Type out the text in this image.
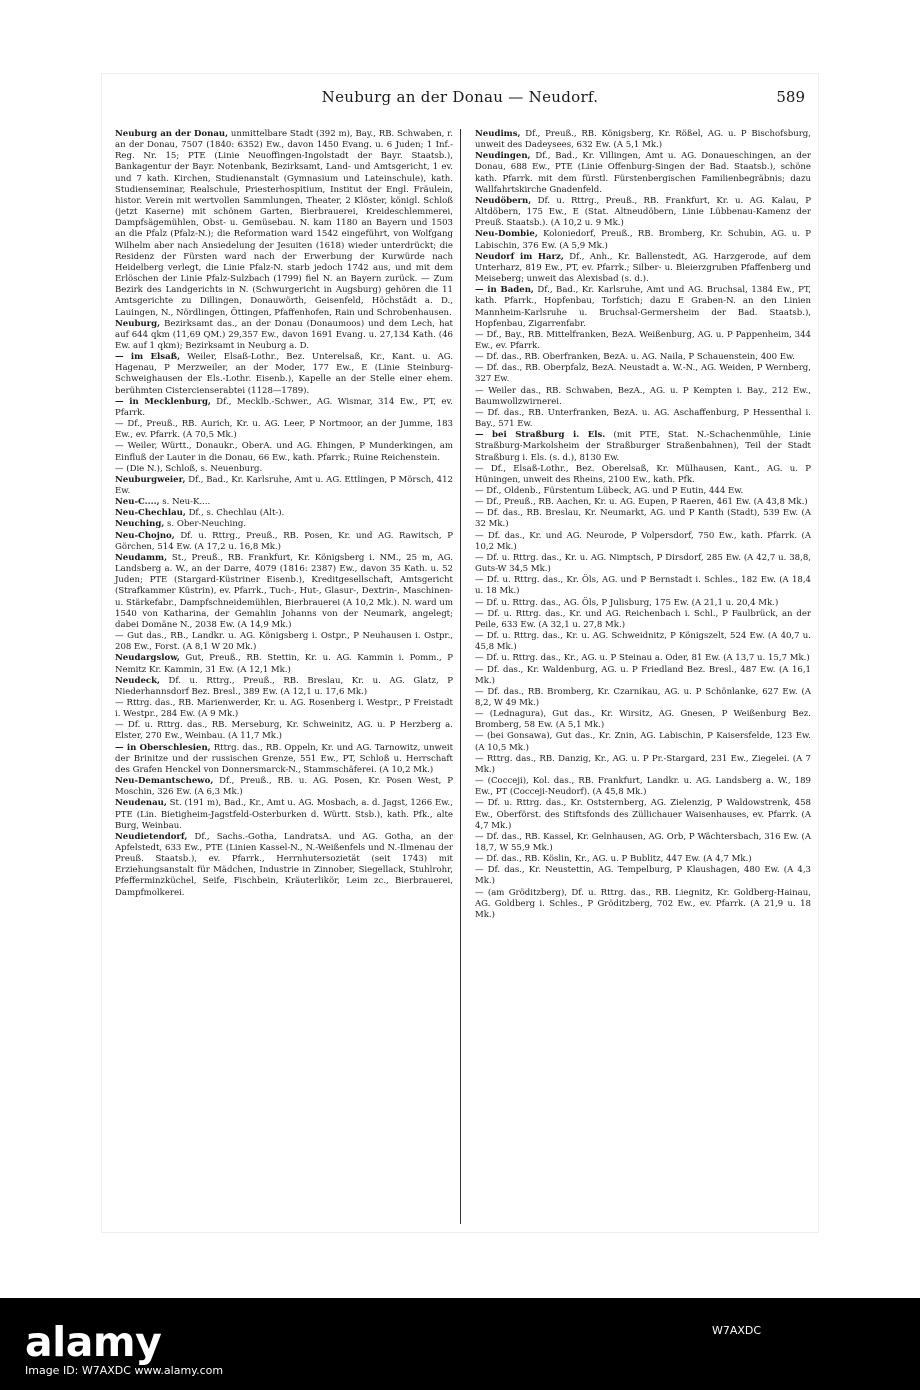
Neuburg an der Donau — Neudorf.	589

Neuburg an der Donau, unmittelbare Stadt (392 m), Bay., RB. Schwaben, r. an der Donau, 7507 (1840: 6352) Ew., davon 1450 Evang. u. 6 Juden; 1 Inf.-Reg. Nr. 15; PTE (Linie Neuoffingen-Ingolstadt der Bayr. Staatsb.), Bankagentur der Bayr. Notenbank, Bezirksamt, Land- und Amtsgericht, 1 ev. und 7 kath. Kirchen, Studienanstalt (Gymnasium und Lateinschule), kath. Studienseminar, Realschule, Priesterhospitium, Institut der Engl. Fräulein, histor. Verein mit wertvollen Sammlungen, Theater, 2 Klöster, königl. Schloß (jetzt Kaserne) mit schönem Garten, Bierbrauerei, Kreideschlemmerei, Dampfsägemühlen, Obst- u. Gemüsebau. N. kam 1180 an Bayern und 1503 an die Pfalz (Pfalz-N.); die Reformation ward 1542 eingeführt, von Wolfgang Wilhelm aber nach Ansiedelung der Jesuiten (1618) wieder unterdrückt; die Residenz der Fürsten ward nach der Erwerbung der Kurwürde nach Heidelberg verlegt, die Linie Pfalz-N. starb jedoch 1742 aus, und mit dem Erlöschen der Linie Pfalz-Sulzbach (1799) fiel N. an Bayern zurück. — Zum Bezirk des Landgerichts in N. (Schwurgericht in Augsburg) gehören die 11 Amtsgerichte zu Dillingen, Donauwörth, Geisenfeld, Höchstädt a. D., Lauingen, N., Nördlingen, Öttingen, Pfaffenhofen, Rain und Schrobenhausen.

Neuburg, Bezirksamt das., an der Donau (Donaumoos) und dem Lech, hat auf 644 qkm (11,69 QM.) 29,357 Ew., davon 1691 Evang. u. 27,134 Kath. (46 Ew. auf 1 qkm); Bezirksamt in Neuburg a. D.

— im Elsaß, Weiler, Elsaß-Lothr., Bez. Unterelsaß, Kr., Kant. u. AG. Hagenau, P Merzweiler, an der Moder, 177 Ew., E (Linie Steinburg-Schweighausen der Els.-Lothr. Eisenb.), Kapelle an der Stelle einer ehem. berühmten Cistercienserabtei (1128—1789).

— in Mecklenburg, Df., Mecklb.-Schwer., AG. Wismar, 314 Ew., PT, ev. Pfarrk.

— Df., Preuß., RB. Aurich, Kr. u. AG. Leer, P Nortmoor, an der Jumme, 183 Ew., ev. Pfarrk. (A 70,5 Mk.)

— Weiler, Württ., Donaukr., OberA. und AG. Ehingen, P Munderkingen, am Einfluß der Lauter in die Donau, 66 Ew., kath. Pfarrk.; Ruine Reichenstein.

— (Die N.), Schloß, s. Neuenburg.

Neuburgweier, Df., Bad., Kr. Karlsruhe, Amt u. AG. Ettlingen, P Mörsch, 412 Ew.

Neu-C...., s. Neu-K....

Neu-Chechlau, Df., s. Chechlau (Alt-).

Neuching, s. Ober-Neuching.

Neu-Chojno, Df. u. Rttrg., Preuß., RB. Posen, Kr. und AG. Rawitsch, P Görchen, 514 Ew. (A 17,2 u. 16,8 Mk.)

Neudamm, St., Preuß., RB. Frankfurt, Kr. Königsberg i. NM., 25 m, AG. Landsberg a. W., an der Darre, 4079 (1816: 2387) Ew., davon 35 Kath. u. 52 Juden; PTE (Stargard-Küstriner Eisenb.), Kreditgesellschaft, Amtsgericht (Strafkammer Küstrin), ev. Pfarrk., Tuch-, Hut-, Glasur-, Dextrin-, Maschinen- u. Stärkefabr., Dampfschneidemühlen, Bierbrauerei (A 10,2 Mk.). N. ward um 1540 von Katharina, der Gemahlin Johanns von der Neumark, angelegt; dabei Domäne N., 2038 Ew. (A 14,9 Mk.)

— Gut das., RB., Landkr. u. AG. Königsberg i. Ostpr., P Neuhausen i. Ostpr., 208 Ew., Forst. (A 8,1 W 20 Mk.)

Neudargslow, Gut, Preuß., RB. Stettin, Kr. u. AG. Kammin i. Pomm., P Nemitz Kr. Kammin, 31 Ew. (A 12,1 Mk.)

Neudeck, Df. u. Rttrg., Preuß., RB. Breslau, Kr. u. AG. Glatz, P Niederhannsdorf Bez. Bresl., 389 Ew. (A 12,1 u. 17,6 Mk.)

— Rttrg. das., RB. Marienwerder, Kr. u. AG. Rosenberg i. Westpr., P Freistadt i. Westpr., 284 Ew. (A 9 Mk.)

— Df. u. Rttrg. das., RB. Merseburg, Kr. Schweinitz, AG. u. P Herzberg a. Elster, 270 Ew., Weinbau. (A 11,7 Mk.)

— in Oberschlesien, Rttrg. das., RB. Oppeln, Kr. und AG. Tarnowitz, unweit der Brinitze und der russischen Grenze, 551 Ew., PT, Schloß u. Herrschaft des Grafen Henckel von Donnersmarck-N., Stammschäferei. (A 10,2 Mk.)

Neu-Demantschewo, Df., Preuß., RB. u. AG. Posen, Kr. Posen West, P Moschin, 326 Ew. (A 6,3 Mk.)

Neudenau, St. (191 m), Bad., Kr., Amt u. AG. Mosbach, a. d. Jagst, 1266 Ew., PTE (Lin. Bietigheim-Jagstfeld-Osterburken d. Württ. Stsb.), kath. Pfk., alte Burg, Weinbau.

Neudietendorf, Df., Sachs.-Gotha, LandratsA. und AG. Gotha, an der Apfelstedt, 633 Ew., PTE (Linien Kassel-N., N.-Weißenfels und N.-Ilmenau der Preuß. Staatsb.), ev. Pfarrk., Herrnhutersozietät (seit 1743) mit Erziehungsanstalt für Mädchen, Industrie in Zinnober, Siegellack, Stuhlrohr, Pfefferminzküchel, Seife, Fischbein, Kräuterlikör, Leim zc., Bierbrauerei, Dampfmolkerei.

Neudims, Df., Preuß., RB. Königsberg, Kr. Rößel, AG. u. P Bischofsburg, unweit des Dadeysees, 632 Ew. (A 5,1 Mk.)

Neudingen, Df., Bad., Kr. Villingen, Amt u. AG. Donaueschingen, an der Donau, 688 Ew., PTE (Linie Offenburg-Singen der Bad. Staatsb.), schöne kath. Pfarrk. mit dem fürstl. Fürstenbergischen Familienbegräbnis; dazu Wallfahrtskirche Gnadenfeld.

Neudöbern, Df. u. Rttrg., Preuß., RB. Frankfurt, Kr. u. AG. Kalau, P Altdöbern, 175 Ew., E (Stat. Altneudöbern, Linie Lübbenau-Kamenz der Preuß. Staatsb.). (A 10,2 u. 9 Mk.)

Neu-Dombie, Koloniedorf, Preuß., RB. Bromberg, Kr. Schubin, AG. u. P Labischin, 376 Ew. (A 5,9 Mk.)

Neudorf im Harz, Df., Anh., Kr. Ballenstedt, AG. Harzgerode, auf dem Unterharz, 819 Ew., PT, ev. Pfarrk.; Silber- u. Bleierzgruben Pfaffenberg und Meiseberg; unweit das Alexisbad (s. d.).

— in Baden, Df., Bad., Kr. Karlsruhe, Amt und AG. Bruchsal, 1384 Ew., PT, kath. Pfarrk., Hopfenbau, Torfstich; dazu E Graben-N. an den Linien Mannheim-Karlsruhe u. Bruchsal-Germersheim der Bad. Staatsb.), Hopfenbau, Zigarrenfabr.

— Df., Bay., RB. Mittelfranken, BezA. Weißenburg, AG. u. P Pappenheim, 344 Ew., ev. Pfarrk.

— Df. das., RB. Oberfranken, BezA. u. AG. Naila, P Schauenstein, 400 Ew.

— Df. das., RB. Oberpfalz, BezA. Neustadt a. W.-N., AG. Weiden, P Wernberg, 327 Ew.

— Weiler das., RB. Schwaben, BezA., AG. u. P Kempten i. Bay., 212 Ew., Baumwollzwirnerei.

— Df. das., RB. Unterfranken, BezA. u. AG. Aschaffenburg, P Hessenthal i. Bay., 571 Ew.

— bei Straßburg i. Els. (mit PTE, Stat. N.-Schachenmühle, Linie Straßburg-Markolsheim der Straßburger Straßenbahnen), Teil der Stadt Straßburg i. Els. (s. d.), 8130 Ew.

— Df., Elsaß-Lothr., Bez. Oberelsaß, Kr. Mülhausen, Kant., AG. u. P Hüningen, unweit des Rheins, 2100 Ew., kath. Pfk.

— Df., Oldenb., Fürstentum Lübeck, AG. und P Eutin, 444 Ew.

— Df., Preuß., RB. Aachen, Kr. u. AG. Eupen, P Raeren, 461 Ew. (A 43,8 Mk.)

— Df. das., RB. Breslau, Kr. Neumarkt, AG. und P Kanth (Stadt), 539 Ew. (A 32 Mk.)

— Df. das., Kr. und AG. Neurode, P Volpersdorf, 750 Ew., kath. Pfarrk. (A 10,2 Mk.)

— Df. u. Rttrg. das., Kr. u. AG. Nimptsch, P Dirsdorf, 285 Ew. (A 42,7 u. 38,8, Guts-W 34,5 Mk.)

— Df. u. Rttrg. das., Kr. Öls, AG. und P Bernstadt i. Schles., 182 Ew. (A 18,4 u. 18 Mk.)

— Df. u. Rttrg. das., AG. Öls, P Julisburg, 175 Ew. (A 21,1 u. 20,4 Mk.)

— Df. u. Rttrg. das., Kr. und AG. Reichenbach i. Schl., P Faulbrück, an der Peile, 633 Ew. (A 32,1 u. 27,8 Mk.)

— Df. u. Rttrg. das., Kr. u. AG. Schweidnitz, P Königszelt, 524 Ew. (A 40,7 u. 45,8 Mk.)

— Df. u. Rttrg. das., Kr., AG. u. P Steinau a. Oder, 81 Ew. (A 13,7 u. 15,7 Mk.)

— Df. das., Kr. Waldenburg, AG. u. P Friedland Bez. Bresl., 487 Ew. (A 16,1 Mk.)

— Df. das., RB. Bromberg, Kr. Czarnikau, AG. u. P Schönlanke, 627 Ew. (A 8,2, W 49 Mk.)

— (Lednagura), Gut das., Kr. Wirsitz, AG. Gnesen, P Weißenburg Bez. Bromberg, 58 Ew. (A 5,1 Mk.)

— (bei Gonsawa), Gut das., Kr. Znin, AG. Labischin, P Kaisersfelde, 123 Ew. (A 10,5 Mk.)

— Rttrg. das., RB. Danzig, Kr., AG. u. P Pr.-Stargard, 231 Ew., Ziegelei. (A 7 Mk.)

— (Cocceji), Kol. das., RB. Frankfurt, Landkr. u. AG. Landsberg a. W., 189 Ew., PT (Cocceji-Neudorf). (A 45,8 Mk.)

— Df. u. Rttrg. das., Kr. Oststernberg, AG. Zielenzig, P Waldowstrenk, 458 Ew., Oberförst. des Stiftsfonds des Züllichauer Waisenhauses, ev. Pfarrk. (A 4,7 Mk.)

— Df. das., RB. Kassel, Kr. Gelnhausen, AG. Orb, P Wächtersbach, 316 Ew. (A 18,7, W 55,9 Mk.)

— Df. das., RB. Köslin, Kr., AG. u. P Bublitz, 447 Ew. (A 4,7 Mk.)

— Df. das., Kr. Neustettin, AG. Tempelburg, P Klaushagen, 480 Ew. (A 4,3 Mk.)

— (am Gröditzberg), Df. u. Rttrg. das., RB. Liegnitz, Kr. Goldberg-Hainau, AG. Goldberg i. Schles., P Gröditzberg, 702 Ew., ev. Pfarrk. (A 21,9 u. 18 Mk.)

alamy
Image ID: W7AXDC www.alamy.com
W7AXDC
